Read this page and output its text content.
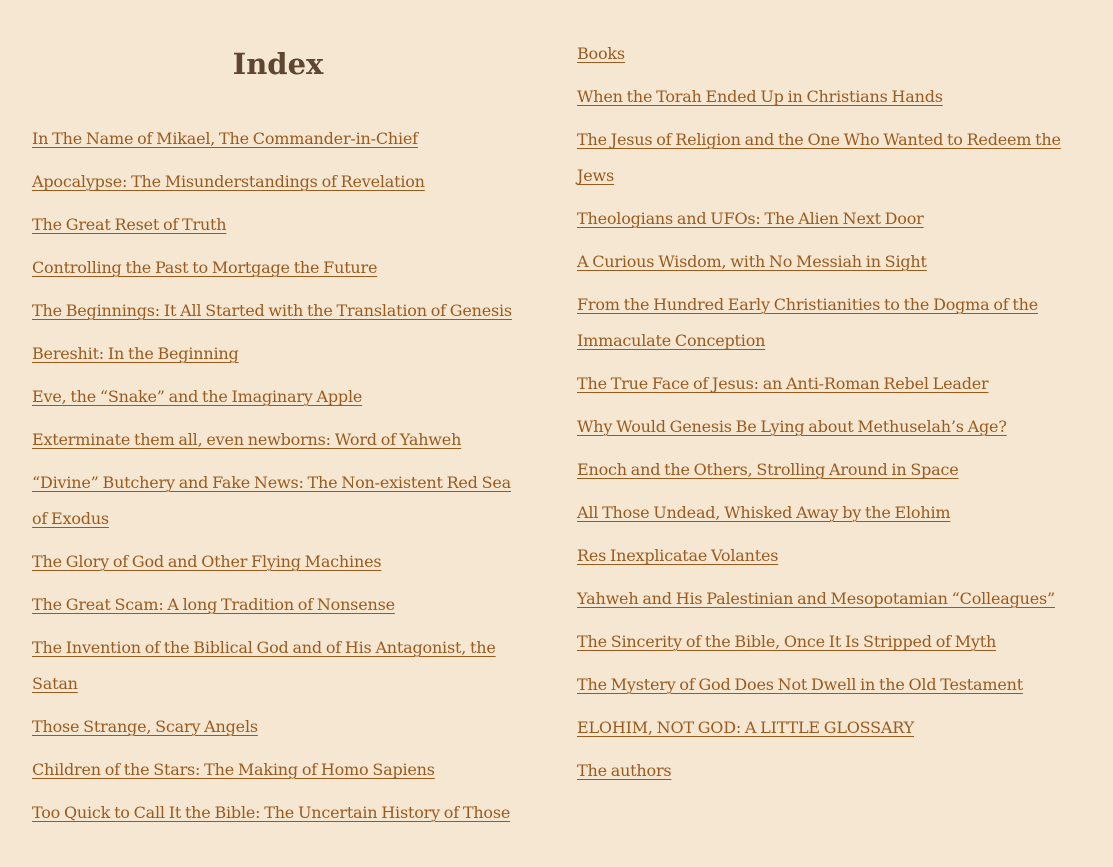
Index
In The Name of Mikael, The Commander-in-Chief
Apocalypse: The Misunderstandings of Revelation
The Great Reset of Truth
Controlling the Past to Mortgage the Future
The Beginnings: It All Started with the Translation of Genesis
Bereshit: In the Beginning
Eve, the “Snake” and the Imaginary Apple
Exterminate them all, even newborns: Word of Yahweh
“Divine” Butchery and Fake News: The Non-existent Red Sea of Exodus
The Glory of God and Other Flying Machines
The Great Scam: A long Tradition of Nonsense
The Invention of the Biblical God and of His Antagonist, the Satan
Those Strange, Scary Angels
Children of the Stars: The Making of Homo Sapiens
Too Quick to Call It the Bible: The Uncertain History of Those
Books
When the Torah Ended Up in Christians Hands
The Jesus of Religion and the One Who Wanted to Redeem the Jews
Theologians and UFOs: The Alien Next Door
A Curious Wisdom, with No Messiah in Sight
From the Hundred Early Christianities to the Dogma of the Immaculate Conception
The True Face of Jesus: an Anti-Roman Rebel Leader
Why Would Genesis Be Lying about Methuselah’s Age?
Enoch and the Others, Strolling Around in Space
All Those Undead, Whisked Away by the Elohim
Res Inexplicatae Volantes
Yahweh and His Palestinian and Mesopotamian “Colleagues”
The Sincerity of the Bible, Once It Is Stripped of Myth
The Mystery of God Does Not Dwell in the Old Testament
ELOHIM, NOT GOD: A LITTLE GLOSSARY
The authors
